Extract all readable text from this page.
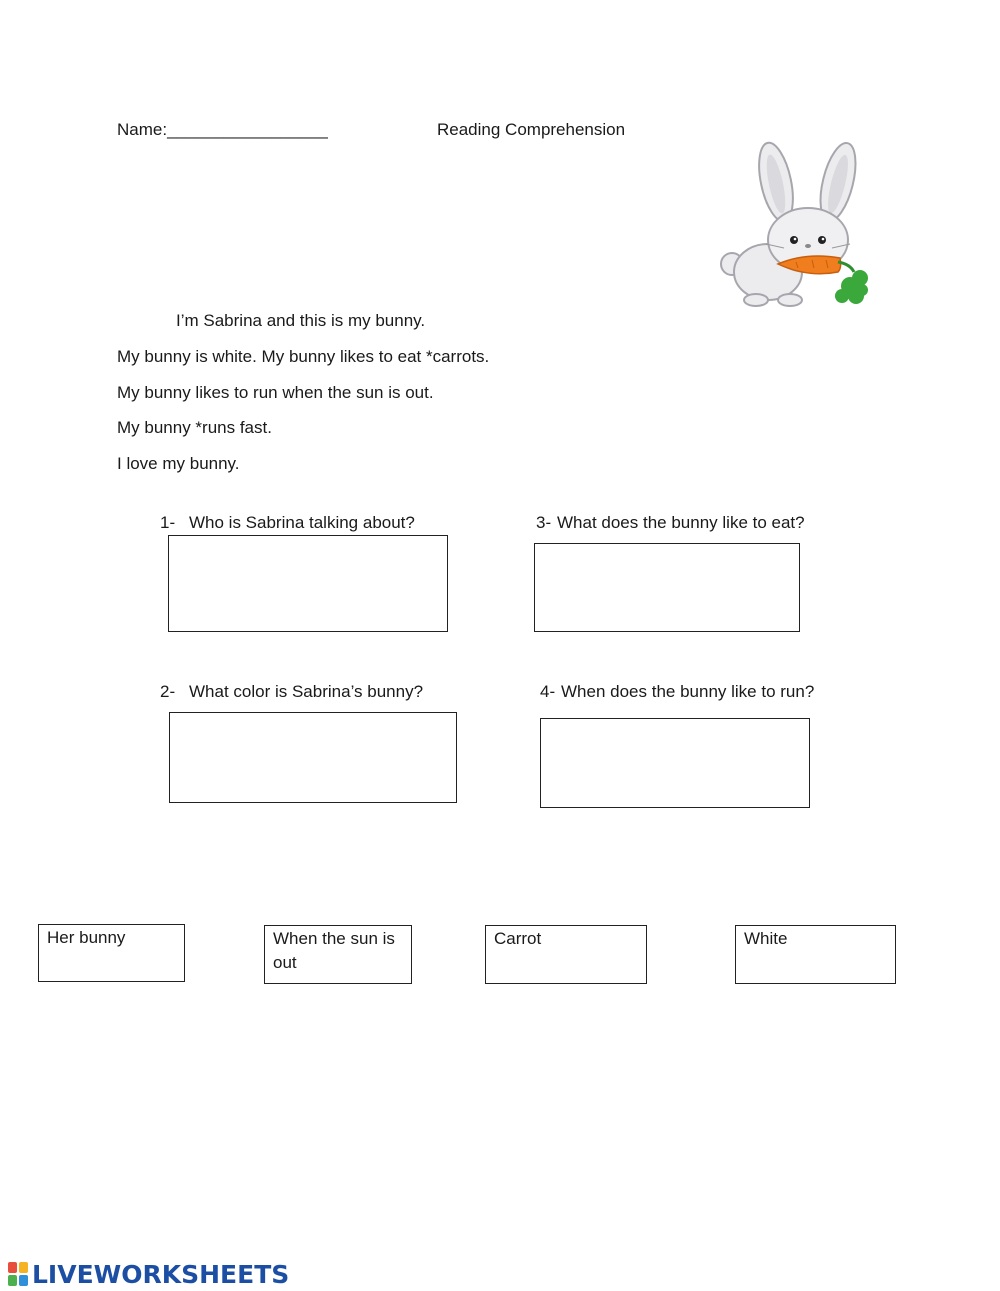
Name:_________________	Reading Comprehension
I’m Sabrina and this is my bunny.
My bunny is white. My bunny likes to eat *carrots.
My bunny likes to run when the sun is out.
My bunny *runs fast.
I love my bunny.
1- Who is Sabrina talking about?	3- What does the bunny like to eat?
2- What color is Sabrina’s bunny?	4- When does the bunny like to run?
Her bunny	When the sun is out
Carrot	White
LIVEWORKSHEETS
